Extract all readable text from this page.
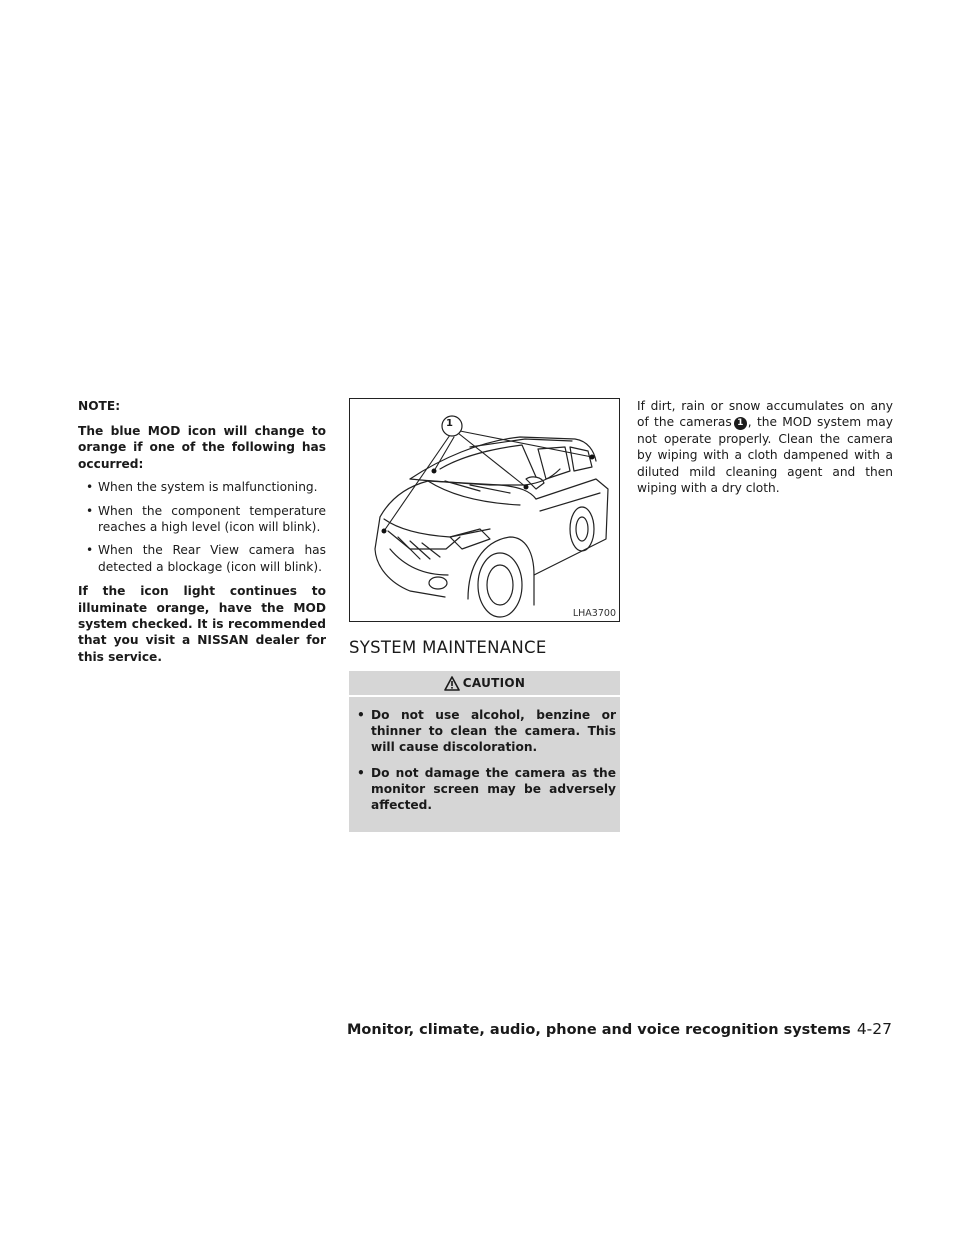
NOTE:

The blue MOD icon will change to orange if one of the following has occurred:

• When the system is malfunctioning.
• When the component temperature reaches a high level (icon will blink).
• When the Rear View camera has detected a blockage (icon will blink).

If the icon light continues to illuminate orange, have the MOD system checked. It is recommended that you visit a NISSAN dealer for this service.

1
LHA3700
SYSTEM MAINTENANCE
CAUTION
• Do not use alcohol, benzine or thinner to clean the camera. This will cause discoloration.
• Do not damage the camera as the monitor screen may be adversely affected.

If dirt, rain or snow accumulates on any of the cameras 1 , the MOD system may not operate properly. Clean the camera by wiping with a cloth dampened with a diluted mild cleaning agent and then wiping with a dry cloth.

Monitor, climate, audio, phone and voice recognition systems 4-27
